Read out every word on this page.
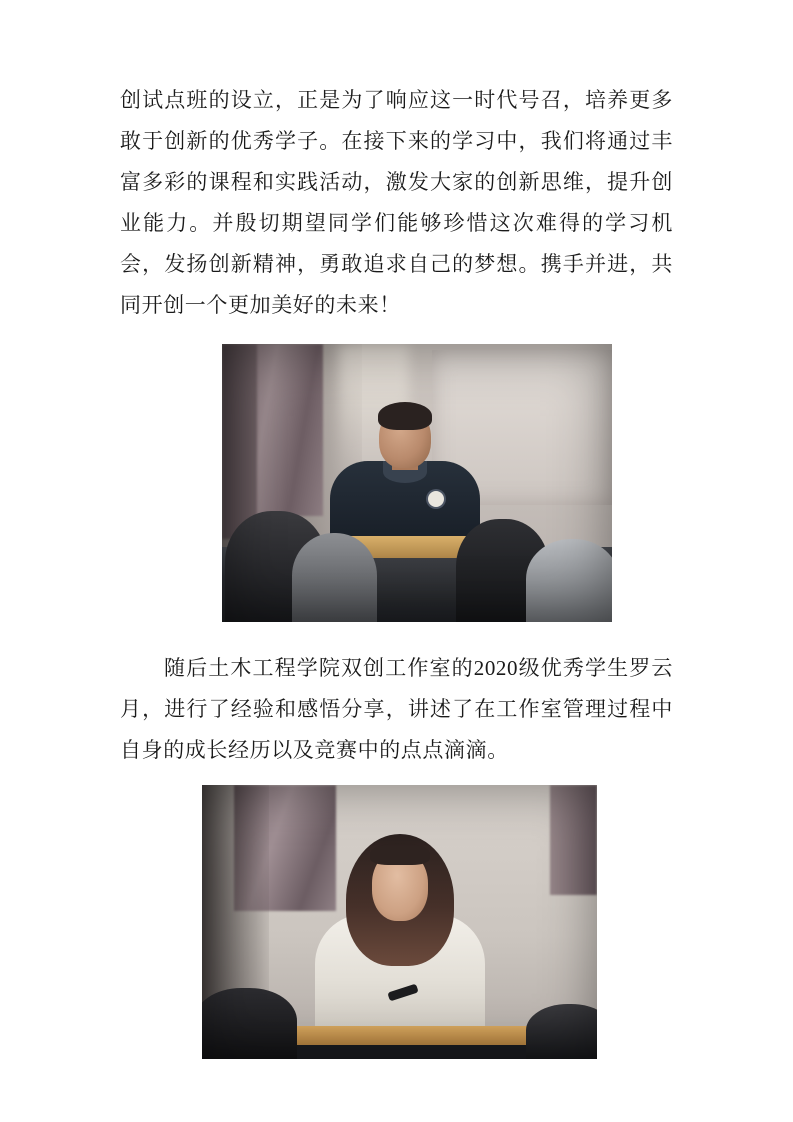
创试点班的设立，正是为了响应这一时代号召，培养更多敢于创新的优秀学子。在接下来的学习中，我们将通过丰富多彩的课程和实践活动，激发大家的创新思维，提升创业能力。并殷切期望同学们能够珍惜这次难得的学习机会，发扬创新精神，勇敢追求自己的梦想。携手并进，共同开创一个更加美好的未来！

随后土木工程学院双创工作室的2020级优秀学生罗云月，进行了经验和感悟分享，讲述了在工作室管理过程中自身的成长经历以及竞赛中的点点滴滴。
